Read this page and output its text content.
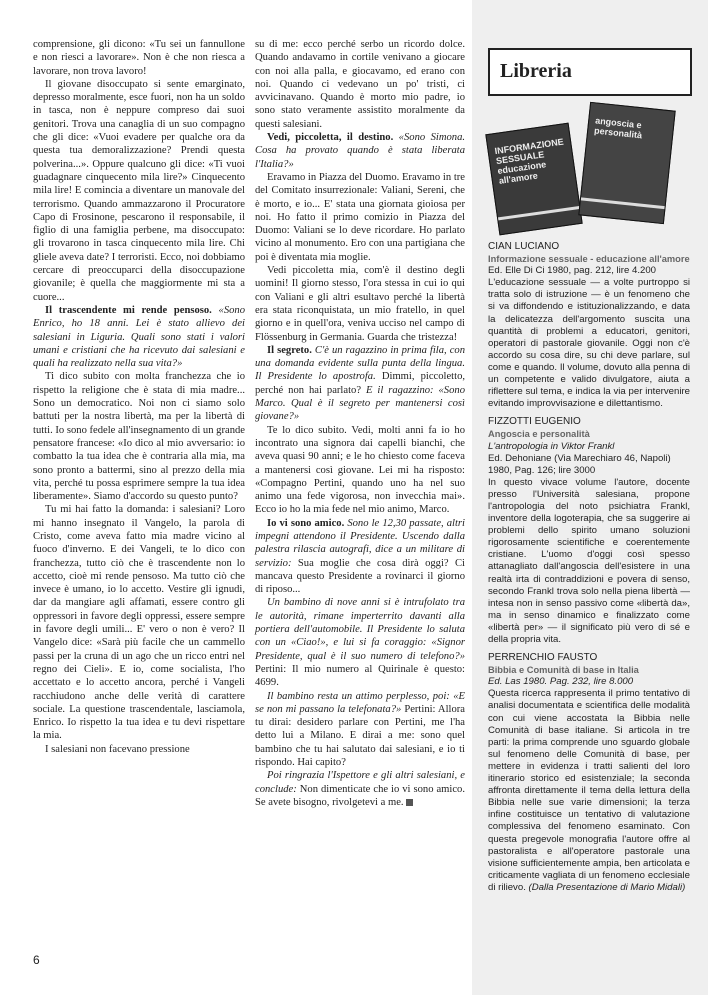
comprensione, gli dicono: «Tu sei un fannullone e non riesci a lavorare». Non è che non riesca a lavorare, non trova lavoro!

Il giovane disoccupato si sente emarginato, depresso moralmente, esce fuori, non ha un soldo in tasca, non è neppure compreso dai suoi genitori. Trova una canaglia di un suo compagno che gli dice: «Vuoi evadere per qualche ora da questa tua demoralizzazione? Prendi questa polverina...». Oppure qualcuno gli dice: «Ti vuoi guadagnare cinquecento mila lire?» Cinquecento mila lire! E comincia a diventare un manovale del terrorismo. Quando ammazzarono il Procuratore Capo di Frosinone, pescarono il responsabile, il figlio di una famiglia perbene, ma disoccupato: gli trovarono in tasca cinquecento mila lire. Chi gliele aveva date? I terroristi. Ecco, noi dobbiamo cercare di preoccuparci della disoccupazione giovanile; è quella che maggiormente mi sta a cuore...

Il trascendente mi rende pensoso. «Sono Enrico, ho 18 anni. Lei è stato allievo dei salesiani in Liguria. Quali sono stati i valori umani e cristiani che ha ricevuto dai salesiani e quali ha realizzato nella sua vita?»

Ti dico subito con molta franchezza che io rispetto la religione che è stata di mia madre... Sono un democratico. Noi non ci siamo solo battuti per la nostra libertà, ma per la libertà di tutti. Io sono fedele all'insegnamento di un grande pensatore francese: «Io dico al mio avversario: io combatto la tua idea che è contraria alla mia, ma sono pronto a battermi, sino al prezzo della mia vita, perché tu possa esprimere sempre la tua idea liberamente». Siamo d'accordo su questo punto?

Tu mi hai fatto la domanda: i salesiani? Loro mi hanno insegnato il Vangelo, la parola di Cristo, come aveva fatto mia madre vicino al fuoco d'inverno. E dei Vangeli, te lo dico con franchezza, tutto ciò che è trascendente non lo accetto, cioè mi rende pensoso. Ma tutto ciò che invece è umano, io lo accetto. Vestire gli ignudi, dar da mangiare agli affamati, essere contro gli oppressori in favore degli oppressi, essere sempre in favore degli umili... E' vero o non è vero? Il Vangelo dice: «Sarà più facile che un cammello passi per la cruna di un ago che un ricco entri nel regno dei Cieli». E io, come socialista, l'ho accettato e lo accetto ancora, perché i Vangeli racchiudono anche delle verità di carattere sociale. La questione trascendentale, lasciamola, Enrico. Io rispetto la tua idea e tu devi rispettare la mia.

I salesiani non facevano pressione

su di me: ecco perché serbo un ricordo dolce. Quando andavamo in cortile venivano a giocare con noi alla palla, e giocavamo, ed erano con noi. Quando ci vedevano un po' tristi, ci avvicinavano. Quando è morto mio padre, io sono stato veramente assistito moralmente da questi salesiani.

Vedi, piccoletta, il destino. «Sono Simona. Cosa ha provato quando è stata liberata l'Italia?»

Eravamo in Piazza del Duomo. Eravamo in tre del Comitato insurrezionale: Valiani, Sereni, che è morto, e io... E' stata una giornata gioiosa per noi. Ho fatto il primo comizio in Piazza del Duomo: Valiani se lo deve ricordare. Ho parlato vicino al monumento. Ero con una partigiana che poi è diventata mia moglie.

Vedi piccoletta mia, com'è il destino degli uomini! Il giorno stesso, l'ora stessa in cui io qui con Valiani e gli altri esultavo perché la libertà era stata riconquistata, un mio fratello, in quel giorno e in quell'ora, veniva ucciso nel campo di Flössenburg in Germania. Guarda che tristezza!

Il segreto. C'è un ragazzino in prima fila, con una domanda evidente sulla punta della lingua. Il Presidente lo apostrofa. Dimmi, piccoletto, perché non hai parlato? E il ragazzino: «Sono Marco. Qual è il segreto per mantenersi così giovane?»

Te lo dico subito. Vedi, molti anni fa io ho incontrato una signora dai capelli bianchi, che aveva quasi 90 anni; e le ho chiesto come faceva a mantenersi così giovane. Lei mi ha risposto: «Compagno Pertini, quando uno ha nel suo animo una fede vigorosa, non invecchia mai». Ecco io ho la mia fede nel mio animo, Marco.

Io vi sono amico. Sono le 12,30 passate, altri impegni attendono il Presidente. Uscendo dalla palestra rilascia autografi, dice a un militare di servizio: Sua moglie che cosa dirà oggi? Ci mancava questo Presidente a rovinarci il giorno di riposo...

Un bambino di nove anni si è intrufolato tra le autorità, rimane imperterrito davanti alla portiera dell'automobile. Il Presidente lo saluta con un «Ciao!», e lui si fa coraggio: «Signor Presidente, qual è il suo numero di telefono?» Pertini: Il mio numero al Quirinale è questo: 4699.

Il bambino resta un attimo perplesso, poi: «E se non mi passano la telefonata?» Pertini: Allora tu dirai: desidero parlare con Pertini, me l'ha detto lui a Milano. E dirai a me: sono quel bambino che tu hai salutato dai salesiani, e io ti rispondo. Hai capito?

Poi ringrazia l'Ispettore e gli altri salesiani, e conclude: Non dimenticate che io vi sono amico. Se avete bisogno, rivolgetevi a me.

6
Libreria
INFORMAZIONE SESSUALE educazione all'amore
angoscia e personalità
CIAN LUCIANO
Informazione sessuale - educazione all'amore
Ed. Elle Di Ci 1980, pag. 212, lire 4.200
L'educazione sessuale — a volte purtroppo si tratta solo di istruzione — è un fenomeno che si va diffondendo e istituzionalizzando, e data la delicatezza dell'argomento suscita una quantità di problemi a educatori, genitori, operatori di pastorale giovanile. Oggi non c'è accordo su cosa dire, su chi deve parlare, sul come e quando. Il volume, dovuto alla penna di un competente e valido divulgatore, aiuta a riflettere sul tema, e indica la via per intervenire evitando improvvisazione e dilettantismo.
FIZZOTTI EUGENIO
Angoscia e personalità
L'antropologia in Viktor Frankl
Ed. Dehoniane (Via Marechiaro 46, Napoli) 1980, Pag. 126; lire 3000
In questo vivace volume l'autore, docente presso l'Università salesiana, propone l'antropologia del noto psichiatra Frankl, inventore della logoterapia, che sa suggerire ai problemi dello spirito umano soluzioni rigorosamente scientifiche e coerentemente cristiane. L'uomo d'oggi così spesso attanagliato dall'angoscia dell'esistere in una realtà irta di contraddizioni e povera di senso, secondo Frankl trova solo nella piena libertà — intesa non in senso passivo come «libertà da», ma in senso dinamico e finalizzato come «libertà per» — il significato più vero di sé e della propria vita.
PERRENCHIO FAUSTO
Bibbia e Comunità di base in Italia
Ed. Las 1980. Pag. 232, lire 8.000
Questa ricerca rappresenta il primo tentativo di analisi documentata e scientifica delle modalità con cui viene accostata la Bibbia nelle Comunità di base italiane. Si articola in tre parti: la prima comprende uno sguardo globale sul fenomeno delle Comunità di base, per mettere in evidenza i tratti salienti del loro itinerario storico ed esistenziale; la seconda affronta direttamente il tema della lettura della Bibbia nelle sue varie dimensioni; la terza infine costituisce un tentativo di valutazione complessiva del fenomeno esaminato. Con questa pregevole monografia l'autore offre al pastoralista e all'operatore pastorale una visione sufficientemente ampia, ben articolata e criticamente vagliata di un fenomeno ecclesiale di rilievo. (Dalla Presentazione di Mario Midali)
